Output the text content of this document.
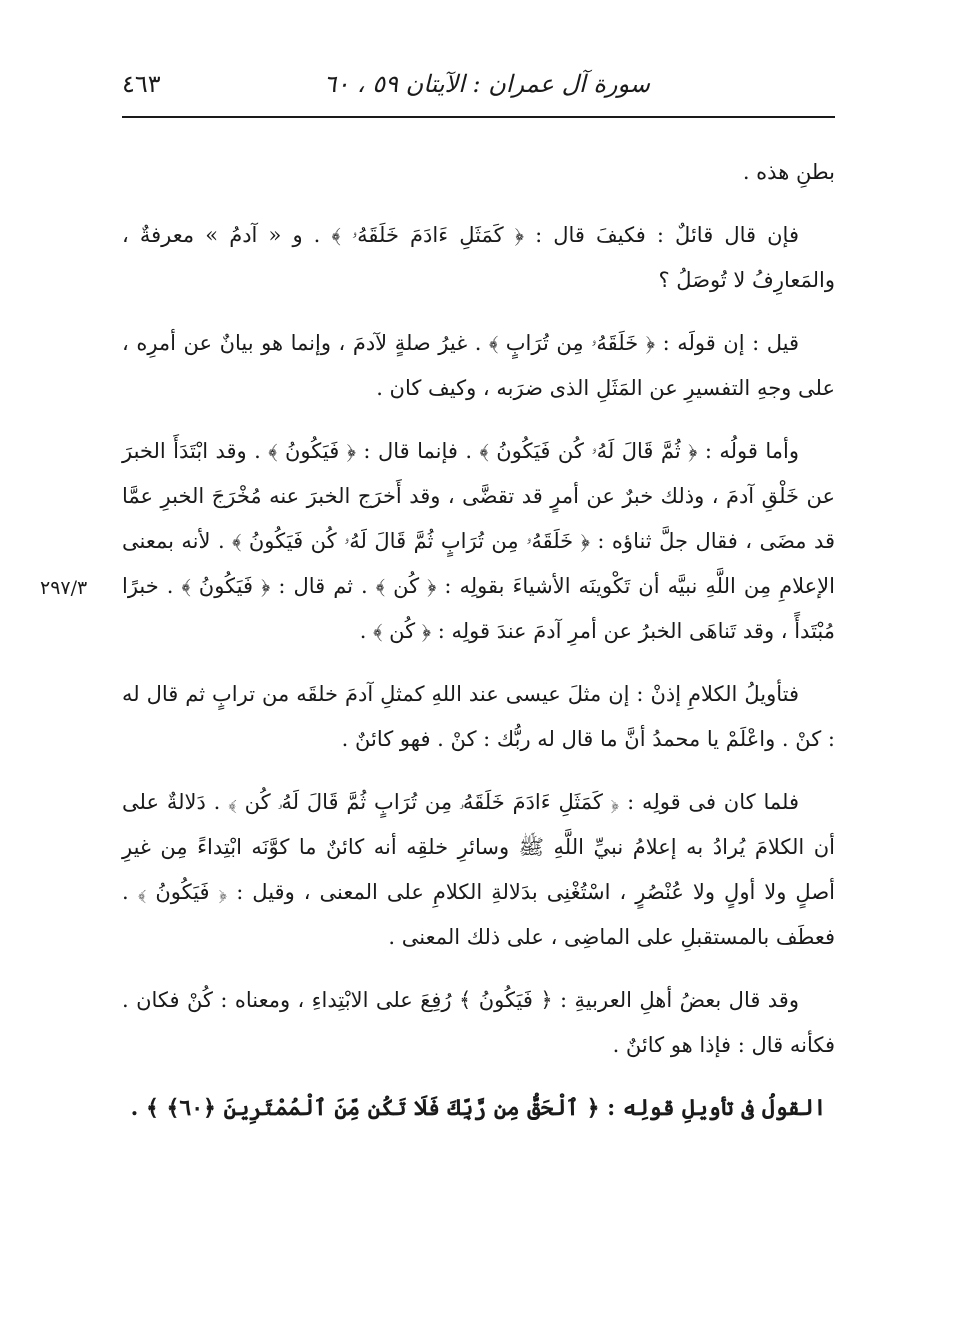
٤٦٣	سورة آل عمران : الآيتان ٥٩ ، ٦٠
٢٩٧/٣

بطنِ هذه .

فإن قال قائلٌ : فكيفَ قال : ﴿ كَمَثَلِ ءَادَمَ خَلَقَهُۥ ﴾ . و « آدمُ » معرفةٌ ، والمَعارِفُ لا تُوصَلُ ؟

قيل : إن قولَه : ﴿ خَلَقَهُۥ مِن تُرَابٍ ﴾ . غيرُ صلةٍ لآدمَ ، وإنما هو بيانٌ عن أمرِه ، على وجهِ التفسيرِ عن المَثَلِ الذى ضرَبه ، وكيف كان .

وأما قولُه : ﴿ ثُمَّ قَالَ لَهُۥ كُن فَيَكُونُ ﴾ . فإنما قال : ﴿ فَيَكُونُ ﴾ . وقد ابْتَدَأَ الخبرَ عن خَلْقِ آدمَ ، وذلك خبرٌ عن أمرٍ قد تقضَّى ، وقد أَخرَج الخبرَ عنه مُخْرَجَ الخبرِ عمَّا قد مضَى ، فقال جلَّ ثناؤه : ﴿ خَلَقَهُۥ مِن تُرَابٍ ثُمَّ قَالَ لَهُۥ كُن فَيَكُونُ ﴾ . لأنه بمعنى الإعلامِ مِن اللَّهِ نبيَّه أن تَكْوينَه الأشياءَ بقولِه : ﴿ كُن ﴾ . ثم قال : ﴿ فَيَكُونُ ﴾ . خبرًا مُبْتَدأً ، وقد تَناهَى الخبرُ عن أمرِ آدمَ عندَ قولِه : ﴿ كُن ﴾ .

فتأويلُ الكلامِ إذنْ : إن مثلَ عيسى عند اللهِ كمثلِ آدمَ خلقَه من ترابٍ ثم قال له : كنْ . واعْلَمْ يا محمدُ أنَّ ما قال له ربُّك : كنْ . فهو كائنٌ .

فلما كان فى قولِه : ﴿ كَمَثَلِ ءَادَمَ خَلَقَهُۥ مِن تُرَابٍ ثُمَّ قَالَ لَهُۥ كُن ﴾ . دَلالةٌ على أن الكلامَ يُرادُ به إعلامُ نبيِّ اللَّهِ ﷺ وسائرِ خلقِه أنه كائنٌ ما كوَّنَه ابْتِداءً مِن غيرِ أصلٍ ولا أولٍ ولا عُنْصُرٍ ، اسْتُغْنِى بدَلالةِ الكلامِ على المعنى ، وقيل : ﴿ فَيَكُونُ ﴾ . فعطَف بالمستقبلِ على الماضِى ، على ذلك المعنى .

وقد قال بعضُ أهلِ العربيةِ : ﴿ فَيَكُونُ ﴾ رُفِعَ على الابْتِداءِ ، ومعناه : كُنْ فكان . فكأنه قال : فإذا هو كائنٌ .

القولُ فى تأويلِ قولِه : ﴿ ٱلْحَقُّ مِن رَّبِّكَ فَلَا تَكُن مِّنَ ٱلْمُمْتَرِينَ ﴿٦٠﴾ ﴾ .
